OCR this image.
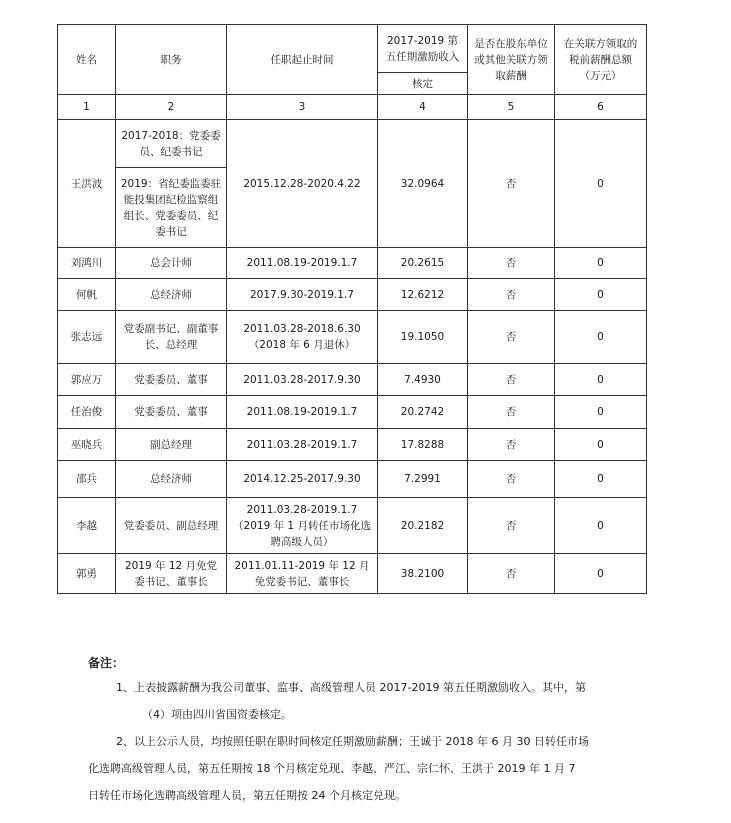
姓名	职务	任职起止时间	2017-2019 第五任期激励收入	是否在股东单位或其他关联方领取薪酬	在关联方领取的税前薪酬总额（万元）
			核定		
1	2	3	4	5	6
王洪波	2017-2018：党委委员、纪委书记	2015.12.28-2020.4.22	32.0964	否	0
	2019：省纪委监委驻能投集团纪检监察组组长、党委委员、纪委书记				
刘鸿川	总会计师	2011.08.19-2019.1.7	20.2615	否	0
何帆	总经济师	2017.9.30-2019.1.7	12.6212	否	0
张志远	党委副书记、副董事长、总经理	2011.03.28-2018.6.30
（2018 年 6 月退休）	19.1050	否	0
郭应万	党委委员、董事	2011.03.28-2017.9.30	7.4930	否	0
任治俊	党委委员、董事	2011.08.19-2019.1.7	20.2742	否	0
巫晓兵	副总经理	2011.03.28-2019.1.7	17.8288	否	0
邵兵	总经济师	2014.12.25-2017.9.30	7.2991	否	0
李越	党委委员、副总经理	2011.03.28-2019.1.7
（2019 年 1 月转任市场化选聘高级人员）	20.2182	否	0
郭勇	2019 年 12 月免党委书记、董事长	2011.01.11-2019 年 12 月免党委书记、董事长	38.2100	否	0
备注：

1、上表披露薪酬为我公司董事、监事、高级管理人员 2017-2019 第五任期激励收入。其中，第

（4）项由四川省国资委核定。

2、以上公示人员，均按照任职在职时间核定任期激励薪酬；王诚于 2018 年 6 月 30 日转任市场

化选聘高级管理人员，第五任期按 18 个月核定兑现、李越、严江、宗仁怀、王洪于 2019 年 1 月 7

日转任市场化选聘高级管理人员，第五任期按 24 个月核定兑现。
